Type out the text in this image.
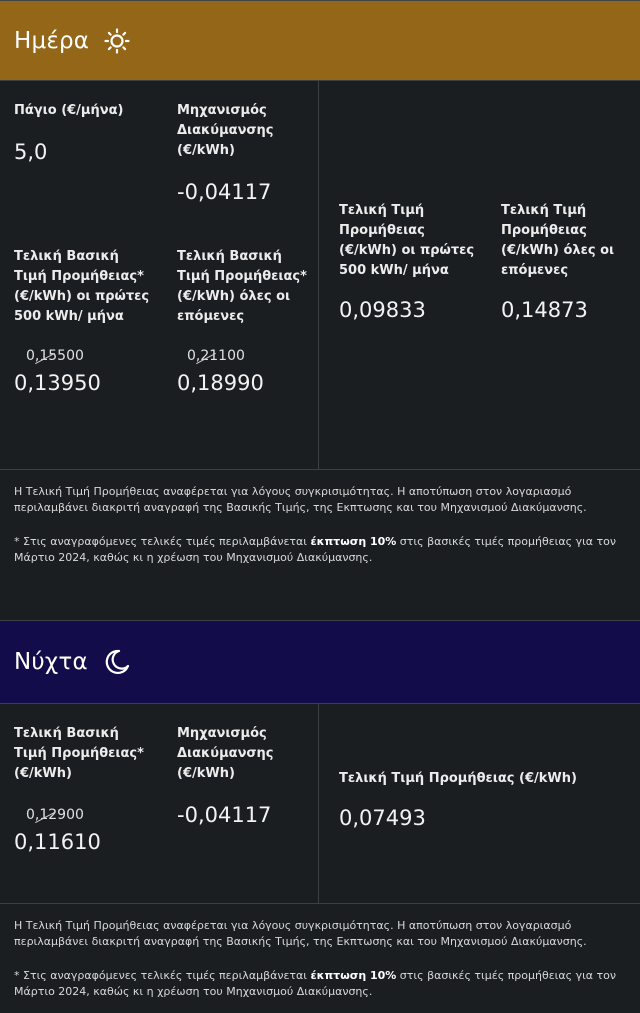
Ημέρα
Πάγιο (€/μήνα)
5,0
Μηχανισμός Διακύμανσης (€/kWh)
-0,04117
Τελική Βασική Τιμή Προμήθειας* (€/kWh) οι πρώτες 500 kWh/ μήνα
0,15500
0,13950
Τελική Βασική Τιμή Προμήθειας* (€/kWh) όλες οι επόμενες
0,21100
0,18990
Τελική Τιμή Προμήθειας (€/kWh) οι πρώτες 500 kWh/ μήνα
0,09833
Τελική Τιμή Προμήθειας (€/kWh) όλες οι επόμενες
0,14873

Η Τελική Τιμή Προμήθειας αναφέρεται για λόγους συγκρισιμότητας. Η αποτύπωση στον λογαριασμό περιλαμβάνει διακριτή αναγραφή της Βασικής Τιμής, της Εκπτωσης και του Μηχανισμού Διακύμανσης.

* Στις αναγραφόμενες τελικές τιμές περιλαμβάνεται έκπτωση 10% στις βασικές τιμές προμήθειας για τον Μάρτιο 2024, καθώς κι η χρέωση του Μηχανισμού Διακύμανσης.

Νύχτα
Τελική Βασική Τιμή Προμήθειας* (€/kWh)
0,12900
0,11610
Μηχανισμός Διακύμανσης (€/kWh)
-0,04117
Τελική Τιμή Προμήθειας (€/kWh)
0,07493

Η Τελική Τιμή Προμήθειας αναφέρεται για λόγους συγκρισιμότητας. Η αποτύπωση στον λογαριασμό περιλαμβάνει διακριτή αναγραφή της Βασικής Τιμής, της Εκπτωσης και του Μηχανισμού Διακύμανσης.

* Στις αναγραφόμενες τελικές τιμές περιλαμβάνεται έκπτωση 10% στις βασικές τιμές προμήθειας για τον Μάρτιο 2024, καθώς κι η χρέωση του Μηχανισμού Διακύμανσης.
